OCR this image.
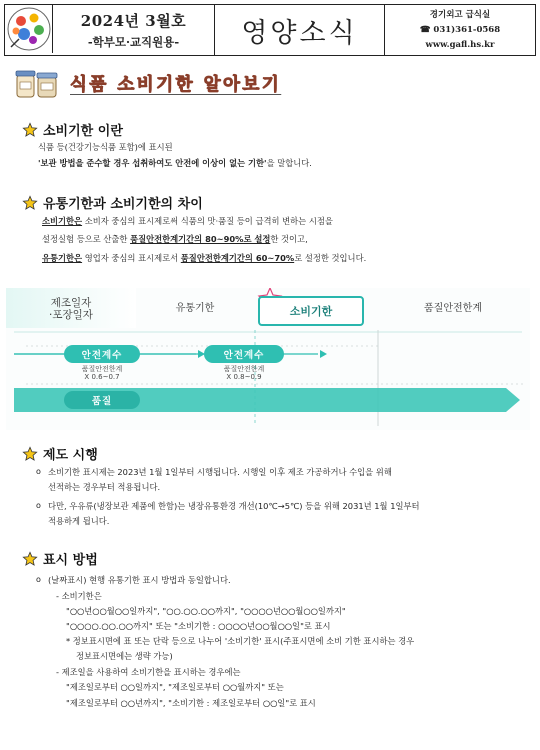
2024년 3월호
-학부모·교직원용-	영양소식
경기외고 급식실
☎ 031)361-0568
www.gafl.hs.kr
식품 소비기한 알아보기
소비기한 이란
식품 등(건강기능식품 포함)에 표시된
'보관 방법을 준수할 경우 섭취하여도 안전에 이상이 없는 기한'을 말합니다.
유통기한과 소비기한의 차이
소비기한은 소비자 중심의 표시제로써 식품의 맛·품질 등이 급격히 변하는 시점을
설정실험 등으로 산출한 품질안전한계기간의 80~90%로 설정한 것이고,
유통기한은 영업자 중심의 표시제로서 품질안전한계기간의 60~70%로 설정한 것입니다.
제조일자
·포장일자
유통기한	소비기한	품질안전한계
안전계수
품질안전한계
X 0.6~0.7
안전계수
품질안전한계
X 0.8~0.9
품질
제도 시행
o 소비기한 표시제는 2023년 1월 1일부터 시행됩니다. 시행일 이후 제조 가공하거나 수입을 위해
선적하는 경우부터 적용됩니다.
o 다만, 우유류(냉장보관 제품에 한함)는 냉장유통환경 개선(10℃→5℃) 등을 위해 2031년 1월 1일부터
적용하게 됩니다.
표시 방법
o (날짜표시) 현행 유통기한 표시 방법과 동일합니다.
- 소비기한은
"○○년○○월○○일까지", "○○.○○.○○까지", "○○○○년○○월○○일까지"
"○○○○.○○.○○까지" 또는 "소비기한 : ○○○○년○○월○○일"로 표시
* 정보표시면에 표 또는 단락 등으로 나누어 '소비기한' 표시(주표시면에 소비 기한 표시하는 경우
정보표시면에는 생략 가능)
- 제조일을 사용하여 소비기한을 표시하는 경우에는
"제조일로부터 ○○일까지", "제조일로부터 ○○월까지" 또는
"제조일로부터 ○○년까지", "소비기한 : 제조일로부터 ○○일"로 표시
